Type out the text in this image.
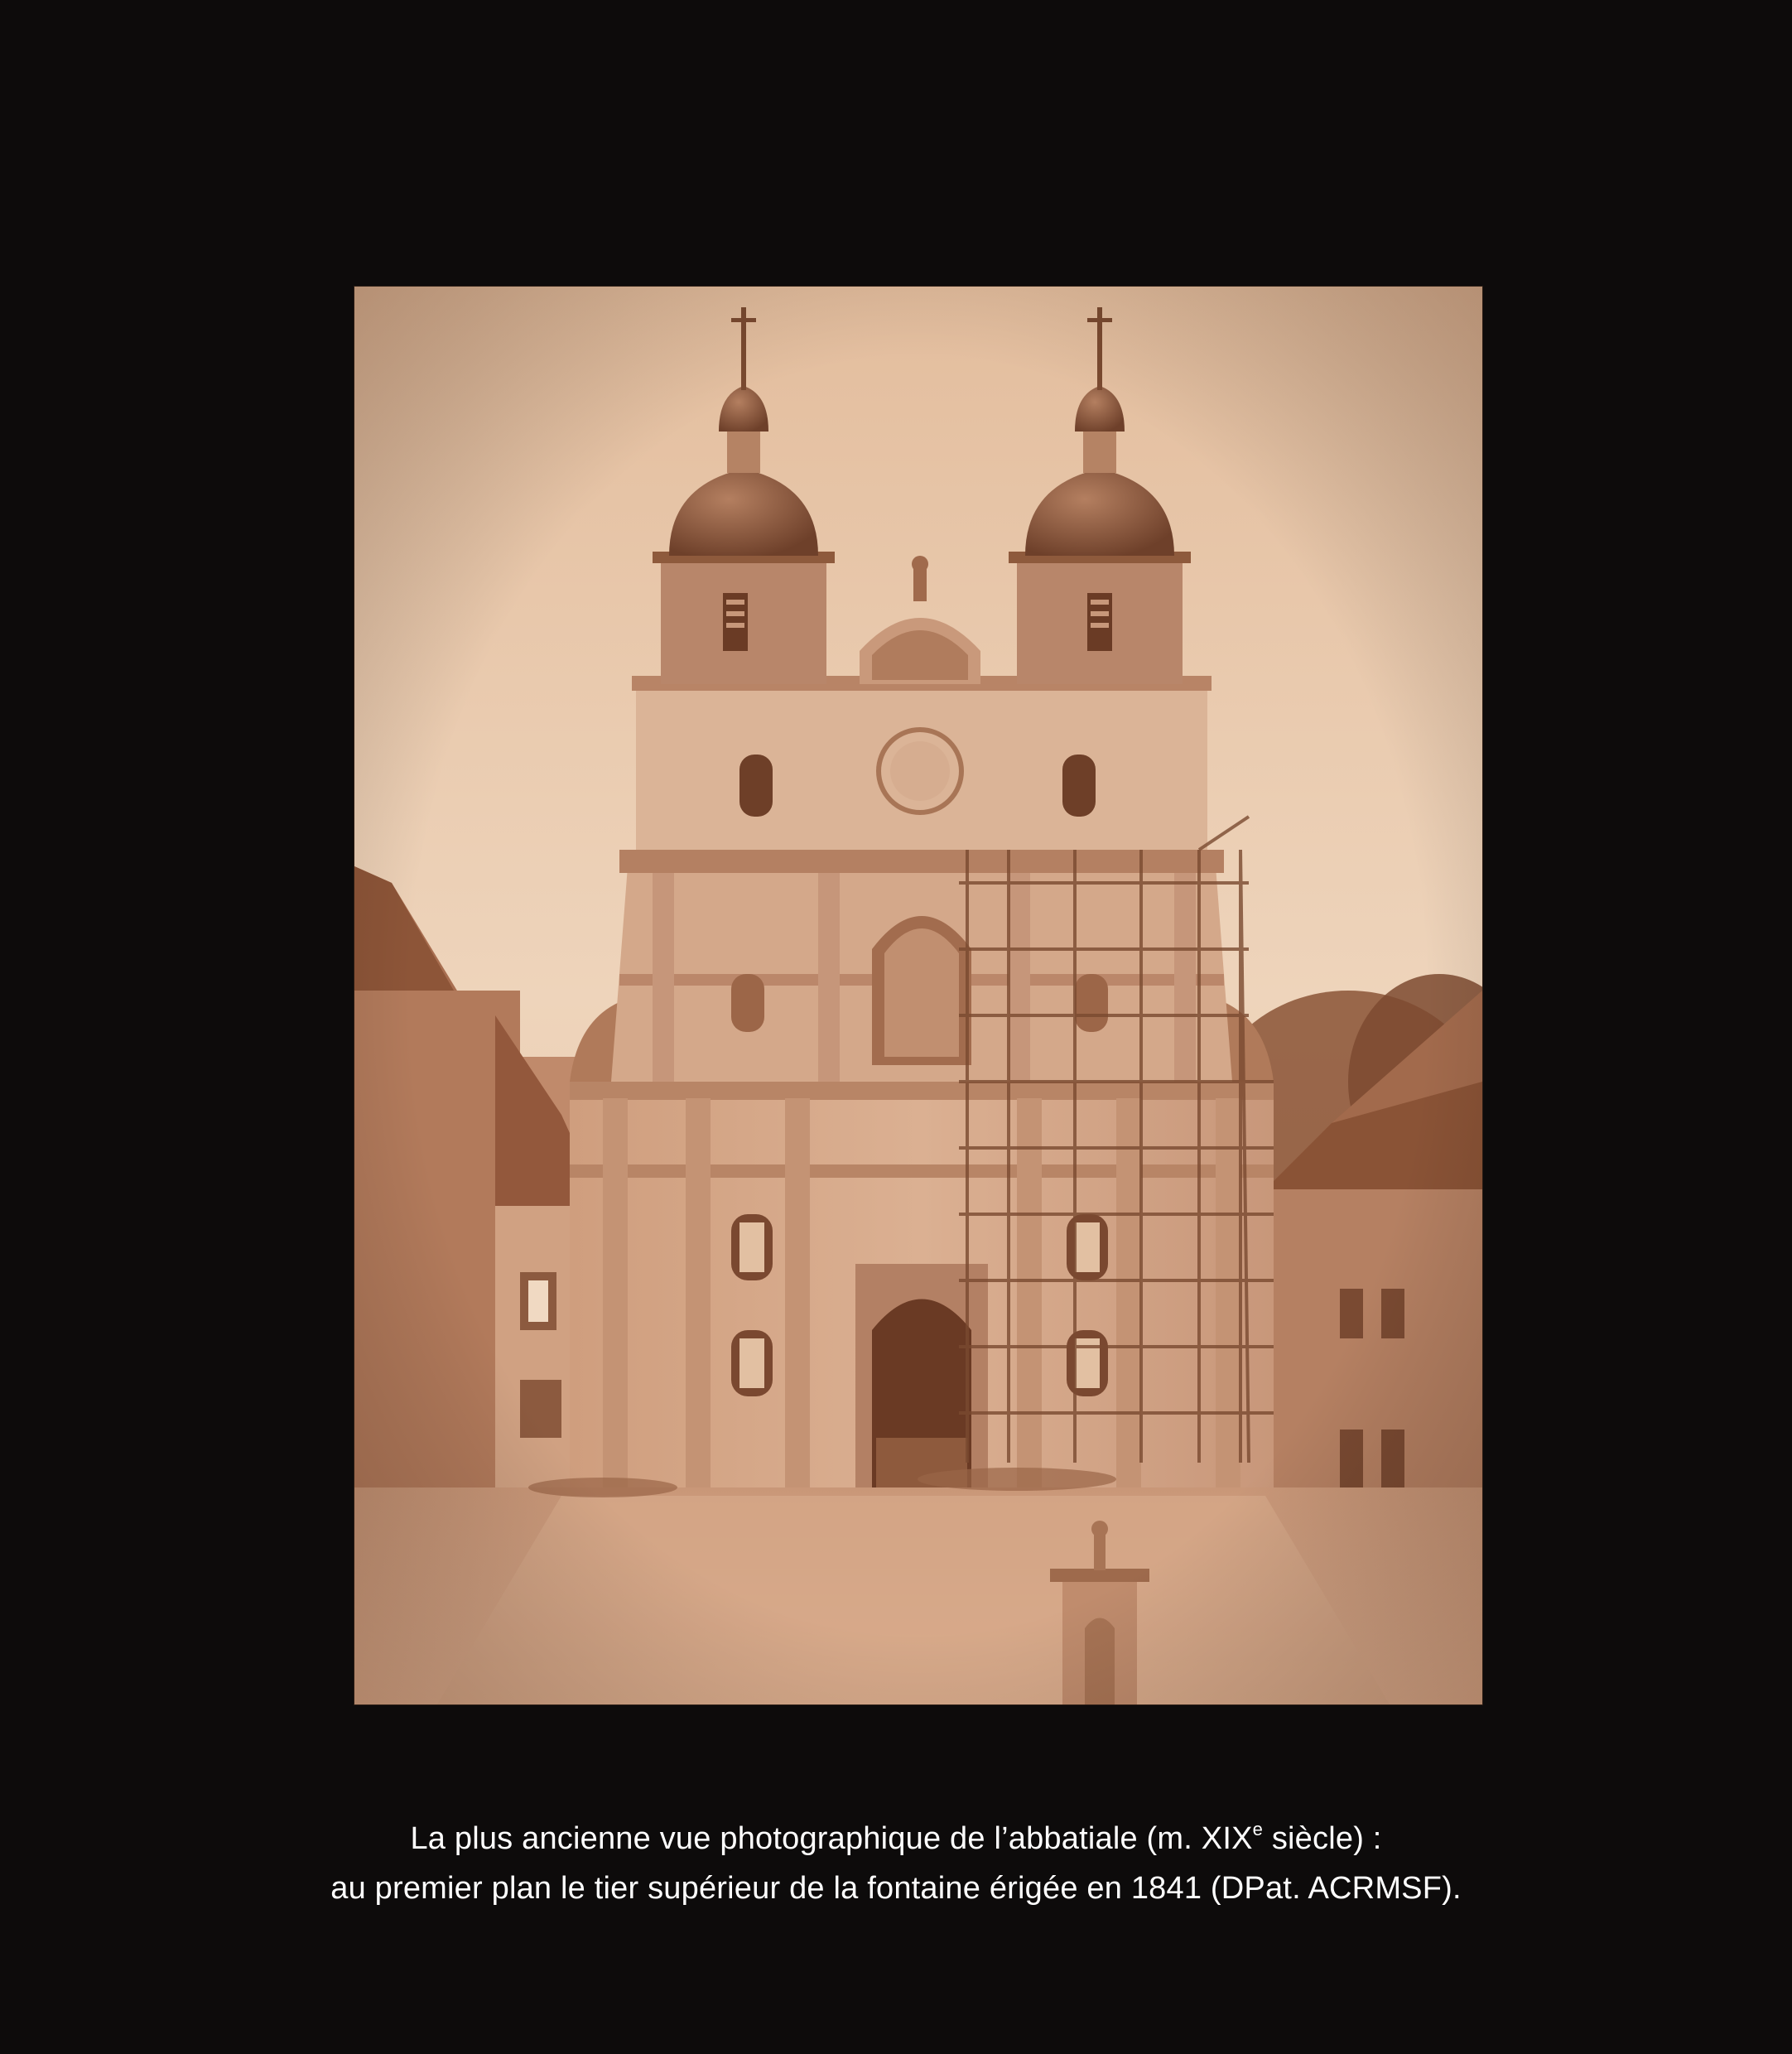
La plus ancienne vue photographique de l’abbatiale (m. XIXe siècle) :
au premier plan le tier supérieur de la fontaine érigée en 1841 (DPat. ACRMSF).
